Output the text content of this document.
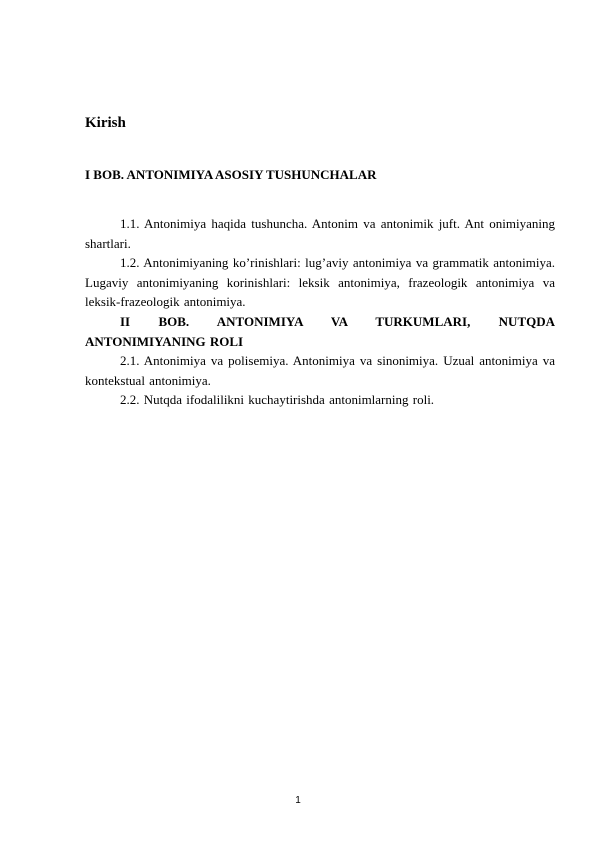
Kirish
I BOB. ANTONIMIYA ASOSIY TUSHUNCHALAR

1.1. Antonimiya haqida tushuncha. Antonim va antonimik juft. Ant onimiyaning shartlari.

1.2. Antonimiyaning ko’rinishlari: lug’aviy antonimiya va grammatik antonimiya. Lugaviy antonimiyaning korinishlari: leksik antonimiya, frazeologik antonimiya va leksik-frazeologik antonimiya.

II BOB. ANTONIMIYA VA TURKUMLARI, NUTQDA ANTONIMIYANING ROLI

2.1. Antonimiya va polisemiya. Antonimiya va sinonimiya. Uzual antonimiya va kontekstual antonimiya.

2.2. Nutqda ifodalilikni kuchaytirishda antonimlarning roli.

1
